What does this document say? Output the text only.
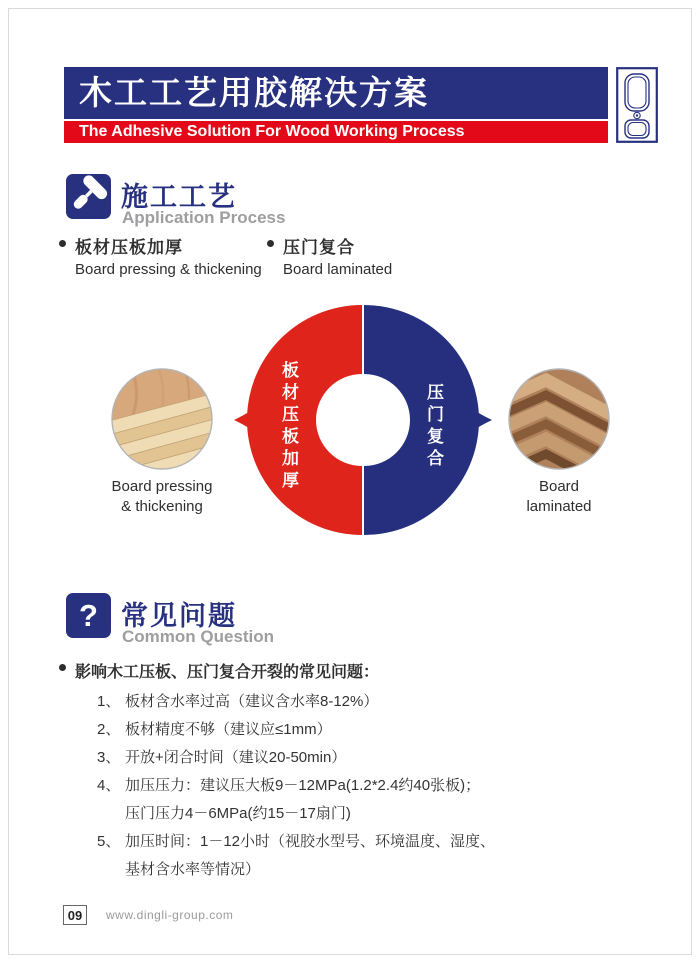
木工工艺用胶解决方案
The Adhesive Solution For Wood Working Process
施工工艺
Application Process
板材压板加厚
Board pressing & thickening
压门复合
Board laminated
板材压板加厚	压门复合
Board pressing
& thickening
Board
laminated
? 常见问题
Common Question
影响木工压板、压门复合开裂的常见问题：
1、 板材含水率过高（建议含水率8-12%）
2、 板材精度不够（建议应≤1mm）
3、 开放+闭合时间（建议20-50min）
4、 加压压力：建议压大板9－12MPa(1.2*2.4约40张板)；
压门压力4－6MPa(约15－17扇门)
5、 加压时间：1－12小时（视胶水型号、环境温度、湿度、
基材含水率等情况）
09	www.dingli-group.com
